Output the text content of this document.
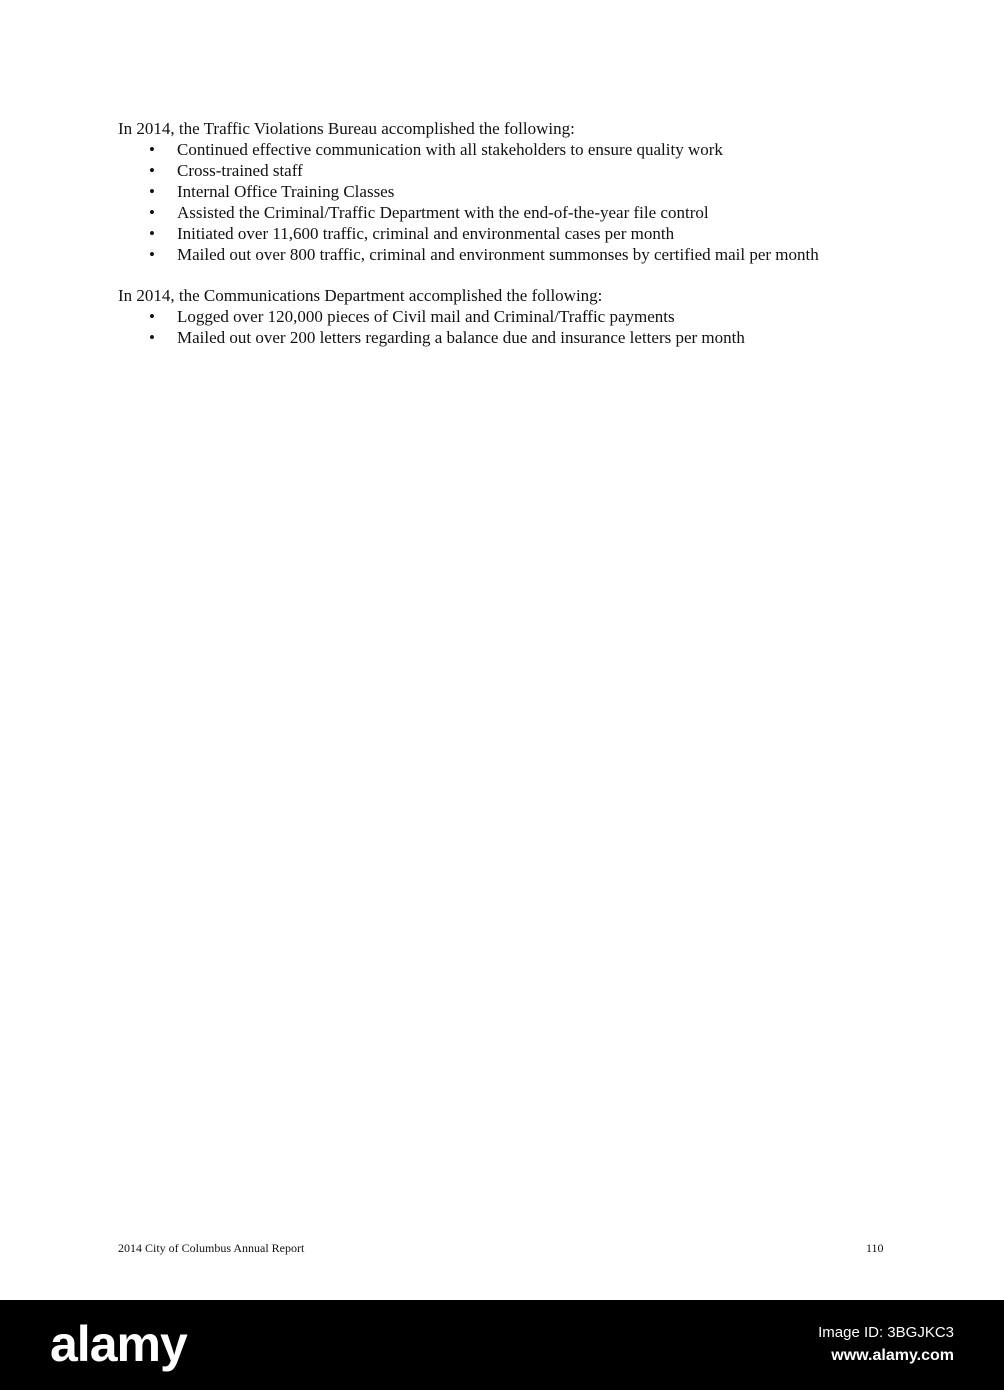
In 2014, the Traffic Violations Bureau accomplished the following:

• Continued effective communication with all stakeholders to ensure quality work
• Cross-trained staff
• Internal Office Training Classes
• Assisted the Criminal/Traffic Department with the end-of-the-year file control
• Initiated over 11,600 traffic, criminal and environmental cases per month
• Mailed out over 800 traffic, criminal and environment summonses by certified mail per month

In 2014, the Communications Department accomplished the following:

• Logged over 120,000 pieces of Civil mail and Criminal/Traffic payments
• Mailed out over 200 letters regarding a balance due and insurance letters per month
2014 City of Columbus Annual Report	110
alamy	Image ID: 3BGJKC3
www.alamy.com
